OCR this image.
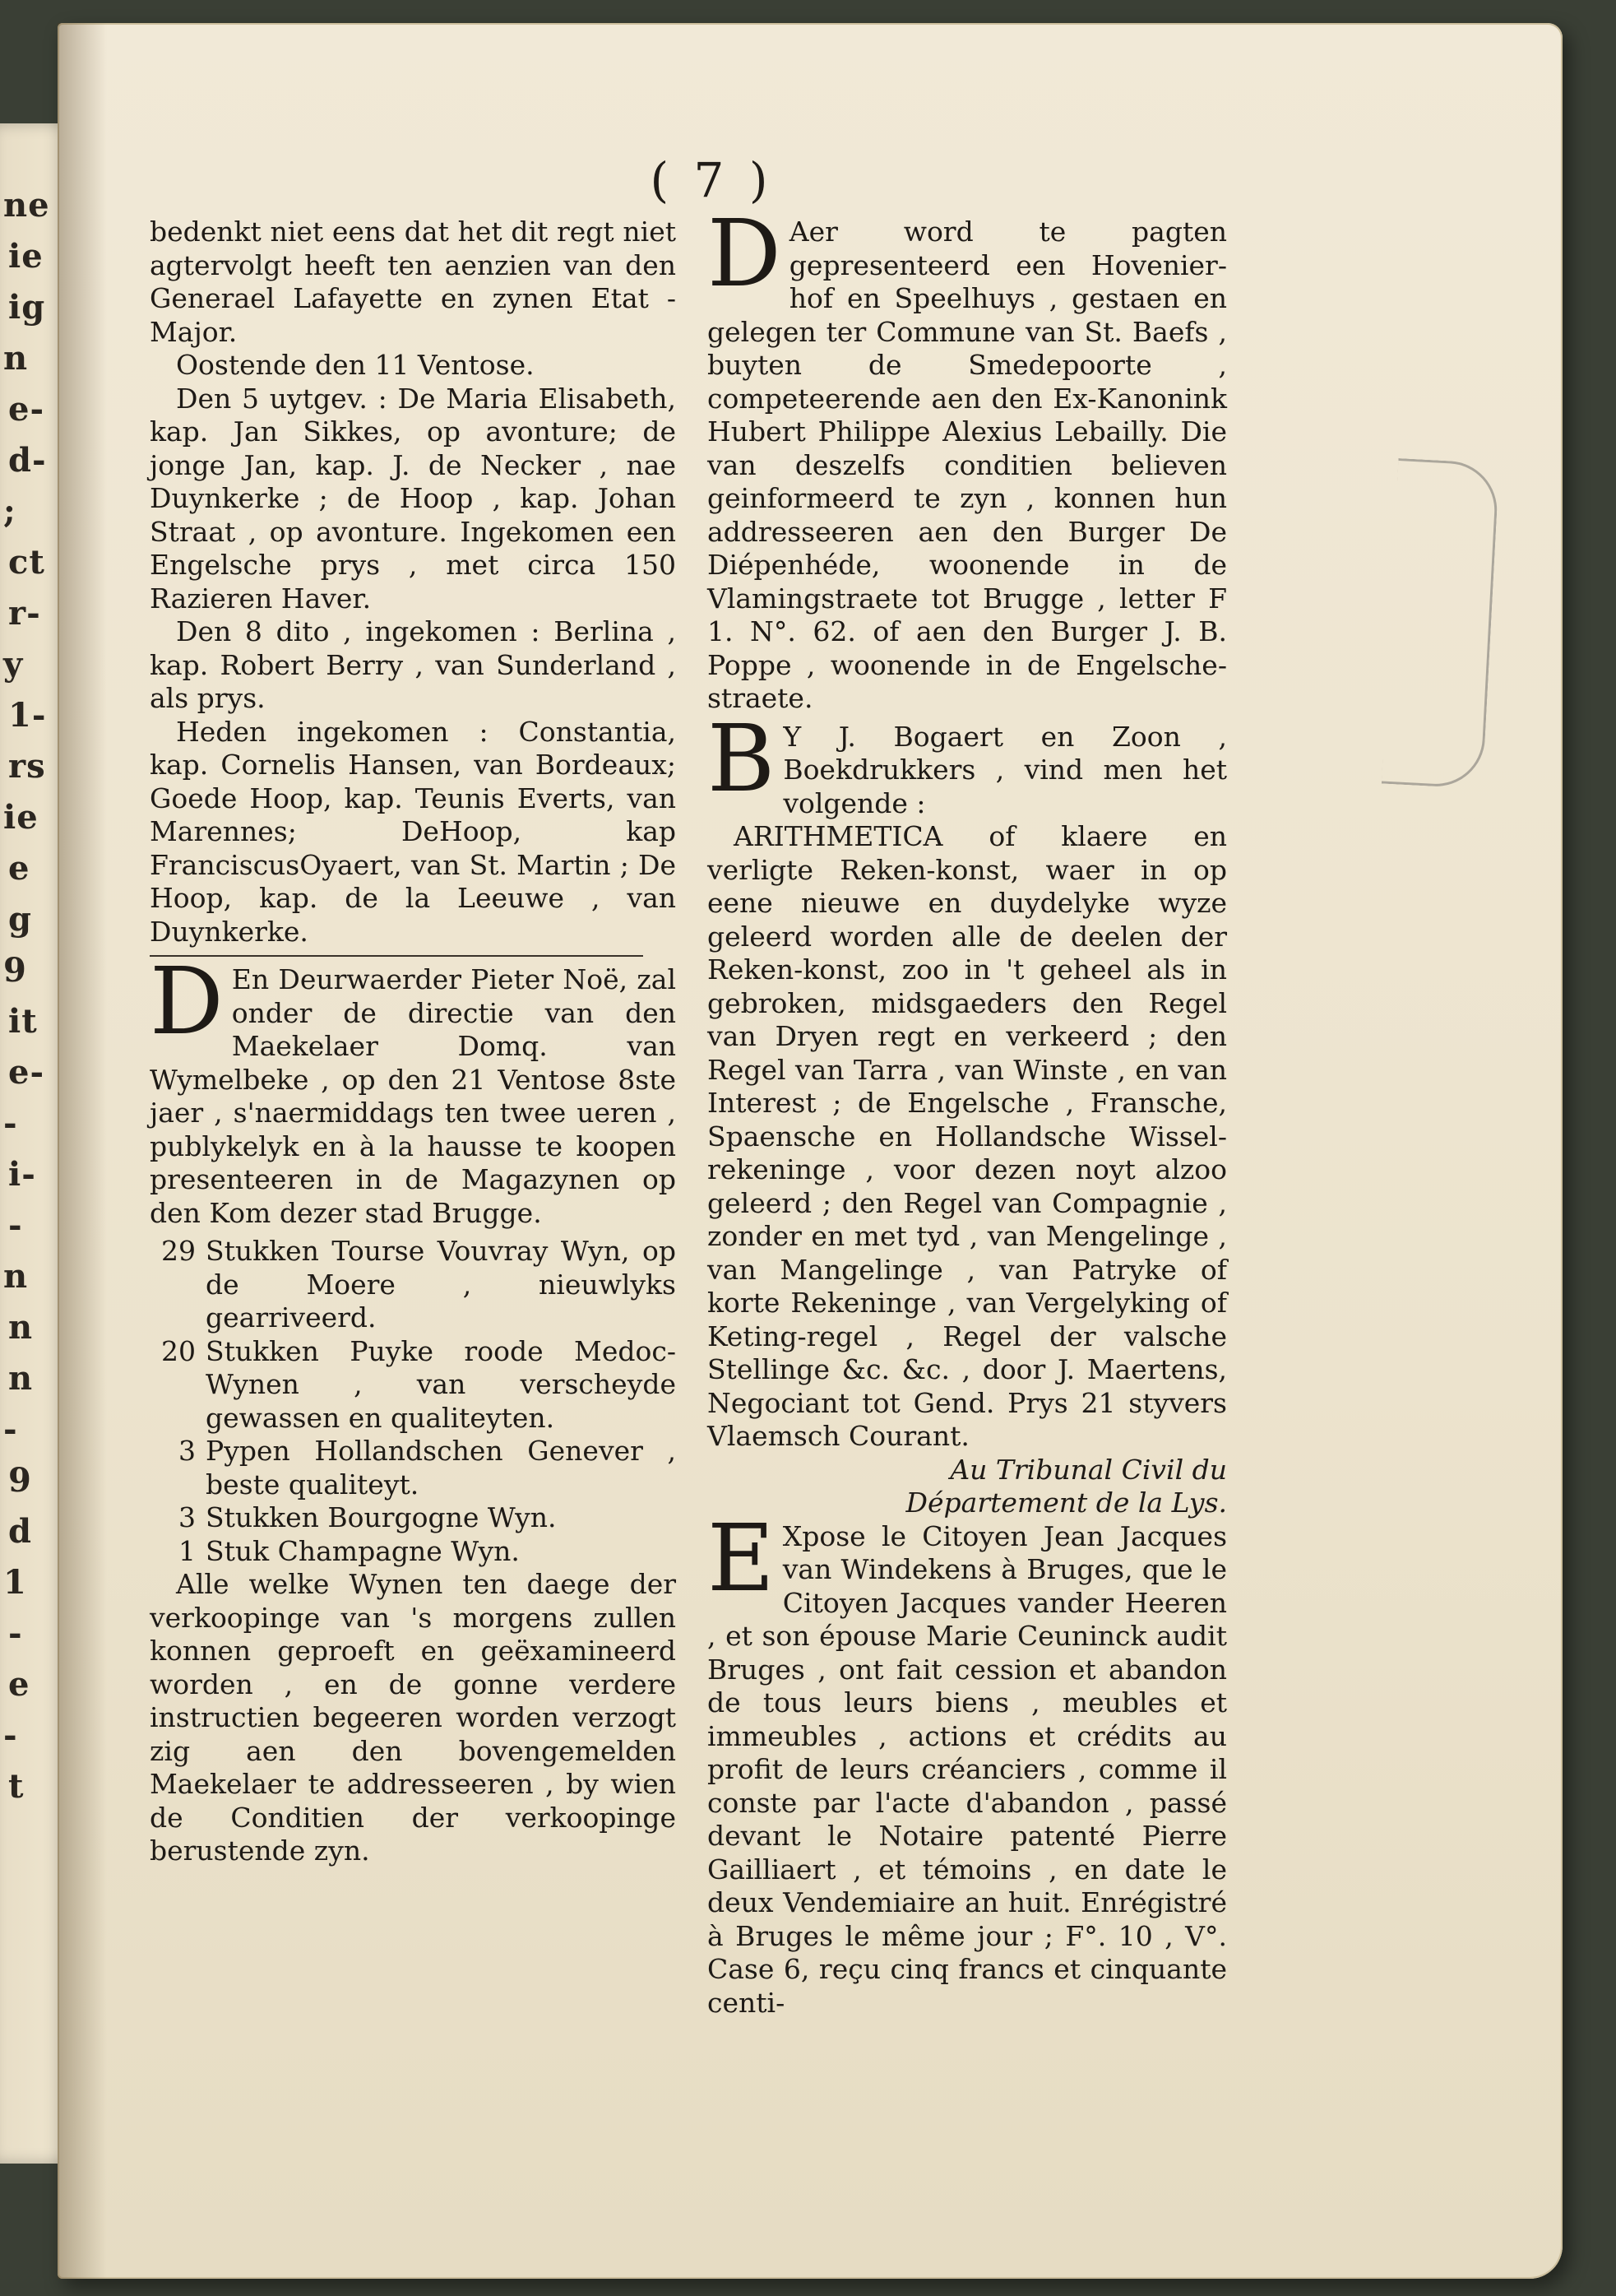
ne
ie
ig
n
e-
d-
;
ct
r-
y
1-
rs
ie
e
g
9
it
e-
-
i-
-
n
n
n
-
9
d
1
-
e
-
t
( 7 )

bedenkt niet eens dat het dit regt niet agtervolgt heeft ten aenzien van den Generael Lafayette en zynen Etat -Major.

Oostende den 11 Ventose.

Den 5 uytgev. : De Maria Elisabeth, kap. Jan Sikkes, op avonture; de jonge Jan, kap. J. de Necker , nae Duynkerke ; de Hoop , kap. Johan Straat , op avonture. Ingekomen een Engelsche prys , met circa 150 Razieren Haver.

Den 8 dito , ingekomen : Berlina , kap. Robert Berry , van Sunderland , als prys.

Heden ingekomen : Constantia, kap. Cornelis Hansen, van Bordeaux; Goede Hoop, kap. Teunis Everts, van Marennes; DeHoop, kap FranciscusOyaert, van St. Martin ; De Hoop, kap. de la Leeuwe , van Duynkerke.

D En Deurwaerder Pieter Noë, zal onder de directie van den Maekelaer Domq. van Wymelbeke , op den 21 Ventose 8ste jaer , s'naermiddags ten twee ueren , publykelyk en à la hausse te koopen presenteeren in de Magazynen op den Kom dezer stad Brugge.

29 Stukken Tourse Vouvray Wyn, op de Moere , nieuwlyks gearriveerd.
20 Stukken Puyke roode Medoc-Wynen , van verscheyde gewassen en qualiteyten.
3 Pypen Hollandschen Genever , beste qualiteyt.
3 Stukken Bourgogne Wyn.
1 Stuk Champagne Wyn.

Alle welke Wynen ten daege der verkoopinge van 's morgens zullen konnen geproeft en geëxamineerd worden , en de gonne verdere instructien begeeren worden verzogt zig aen den bovengemelden Maekelaer te addresseeren , by wien de Conditien der verkoopinge berustende zyn.

D Aer word te pagten gepresenteerd een Hovenier-hof en Speelhuys , gestaen en gelegen ter Commune van St. Baefs , buyten de Smedepoorte , competeerende aen den Ex-Kanonink Hubert Philippe Alexius Lebailly. Die van deszelfs conditien believen geinformeerd te zyn , konnen hun addresseeren aen den Burger De Diépenhéde, woonende in de Vlamingstraete tot Brugge , letter F 1. N°. 62. of aen den Burger J. B. Poppe , woonende in de Engelsche-straete.

B Y J. Bogaert en Zoon , Boekdrukkers , vind men het volgende :

ARITHMETICA of klaere en verligte Reken-konst, waer in op eene nieuwe en duydelyke wyze geleerd worden alle de deelen der Reken-konst, zoo in 't geheel als in gebroken, midsgaeders den Regel van Dryen regt en verkeerd ; den Regel van Tarra , van Winste , en van Interest ; de Engelsche , Fransche, Spaensche en Hollandsche Wissel-rekeninge , voor dezen noyt alzoo geleerd ; den Regel van Compagnie , zonder en met tyd , van Mengelinge , van Mangelinge , van Patryke of korte Rekeninge , van Vergelyking of Keting-regel , Regel der valsche Stellinge &c. &c. , door J. Maertens, Negociant tot Gend. Prys 21 styvers Vlaemsch Courant.

Au Tribunal Civil du Département de la Lys.

E Xpose le Citoyen Jean Jacques van Windekens à Bruges, que le Citoyen Jacques vander Heeren , et son épouse Marie Ceuninck audit Bruges , ont fait cession et abandon de tous leurs biens , meubles et immeubles , actions et crédits au profit de leurs créanciers , comme il conste par l'acte d'abandon , passé devant le Notaire patenté Pierre Gailliaert , et témoins , en date le deux Vendemiaire an huit. Enrégistré à Bruges le même jour ; F°. 10 , V°. Case 6, reçu cinq francs et cinquante centi-
